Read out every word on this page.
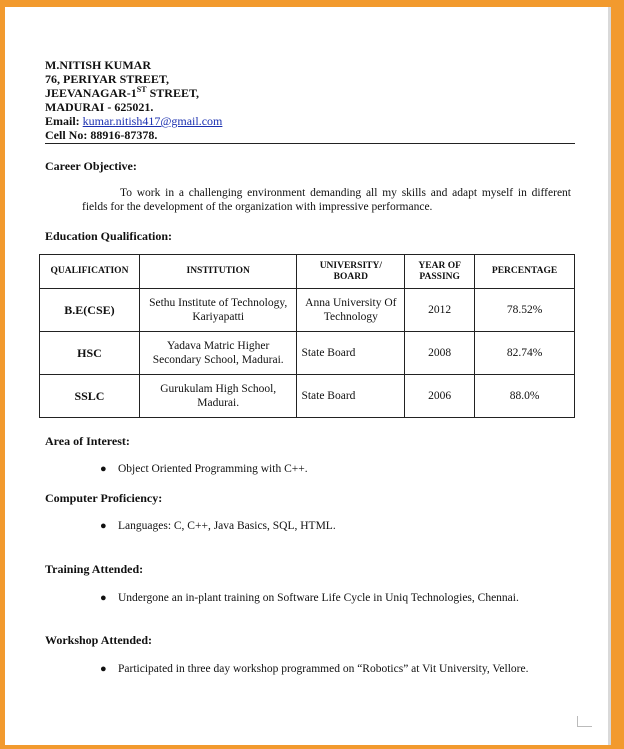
M.NITISH KUMAR
76, PERIYAR STREET,
JEEVANAGAR-1ST STREET,
MADURAI - 625021.
Email: kumar.nitish417@gmail.com
Cell No: 88916-87378.
Career Objective:
To work in a challenging environment demanding all my skills and adapt myself in different fields for the development of the organization with impressive performance.
Education Qualification:
QUALIFICATION	INSTITUTION	UNIVERSITY/ BOARD	YEAR OF PASSING	PERCENTAGE
B.E(CSE)	Sethu Institute of Technology, Kariyapatti	Anna University Of Technology	2012	78.52%
HSC	Yadava Matric Higher Secondary School, Madurai.	State Board	2008	82.74%
SSLC	Gurukulam High School, Madurai.	State Board	2006	88.0%
Area of Interest:
● Object Oriented Programming with C++.
Computer Proficiency:
● Languages: C, C++, Java Basics, SQL, HTML.
Training Attended:
● Undergone an in-plant training on Software Life Cycle in Uniq Technologies, Chennai.
Workshop Attended:
● Participated in three day workshop programmed on “Robotics” at Vit University, Vellore.
